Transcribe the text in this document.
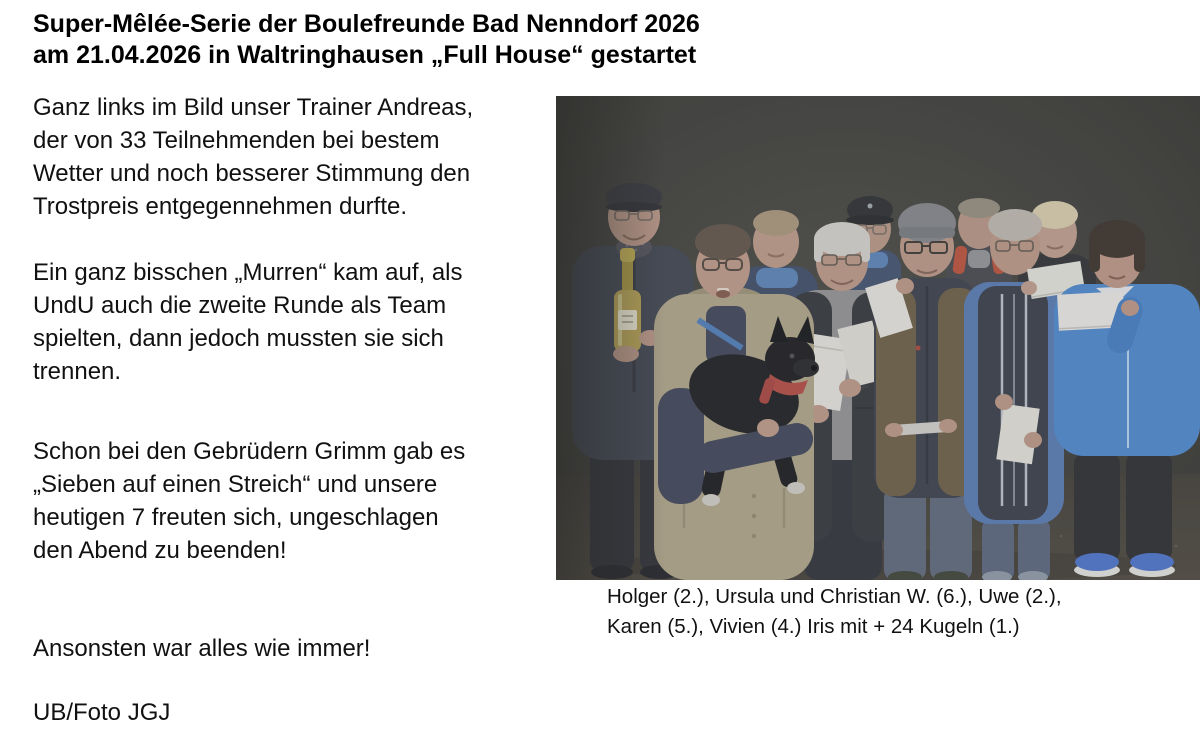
Super-Mêlée-Serie der Boulefreunde Bad Nenndorf 2026
am 21.04.2026 in Waltringhausen „Full House“ gestartet
Ganz links im Bild unser Trainer Andreas,
der von 33 Teilnehmenden bei bestem
Wetter und noch besserer Stimmung den
Trostpreis entgegennehmen durfte.
Ein ganz bisschen „Murren“ kam auf, als
UndU auch die zweite Runde als Team
spielten, dann jedoch mussten sie sich
trennen.
Schon bei den Gebrüdern Grimm gab es
„Sieben auf einen Streich“ und unsere
heutigen 7 freuten sich, ungeschlagen
den Abend zu beenden!
Ansonsten war alles wie immer!
UB/Foto JGJ
Holger (2.), Ursula und Christian W. (6.), Uwe (2.),
Karen (5.), Vivien (4.) Iris mit + 24 Kugeln (1.)
